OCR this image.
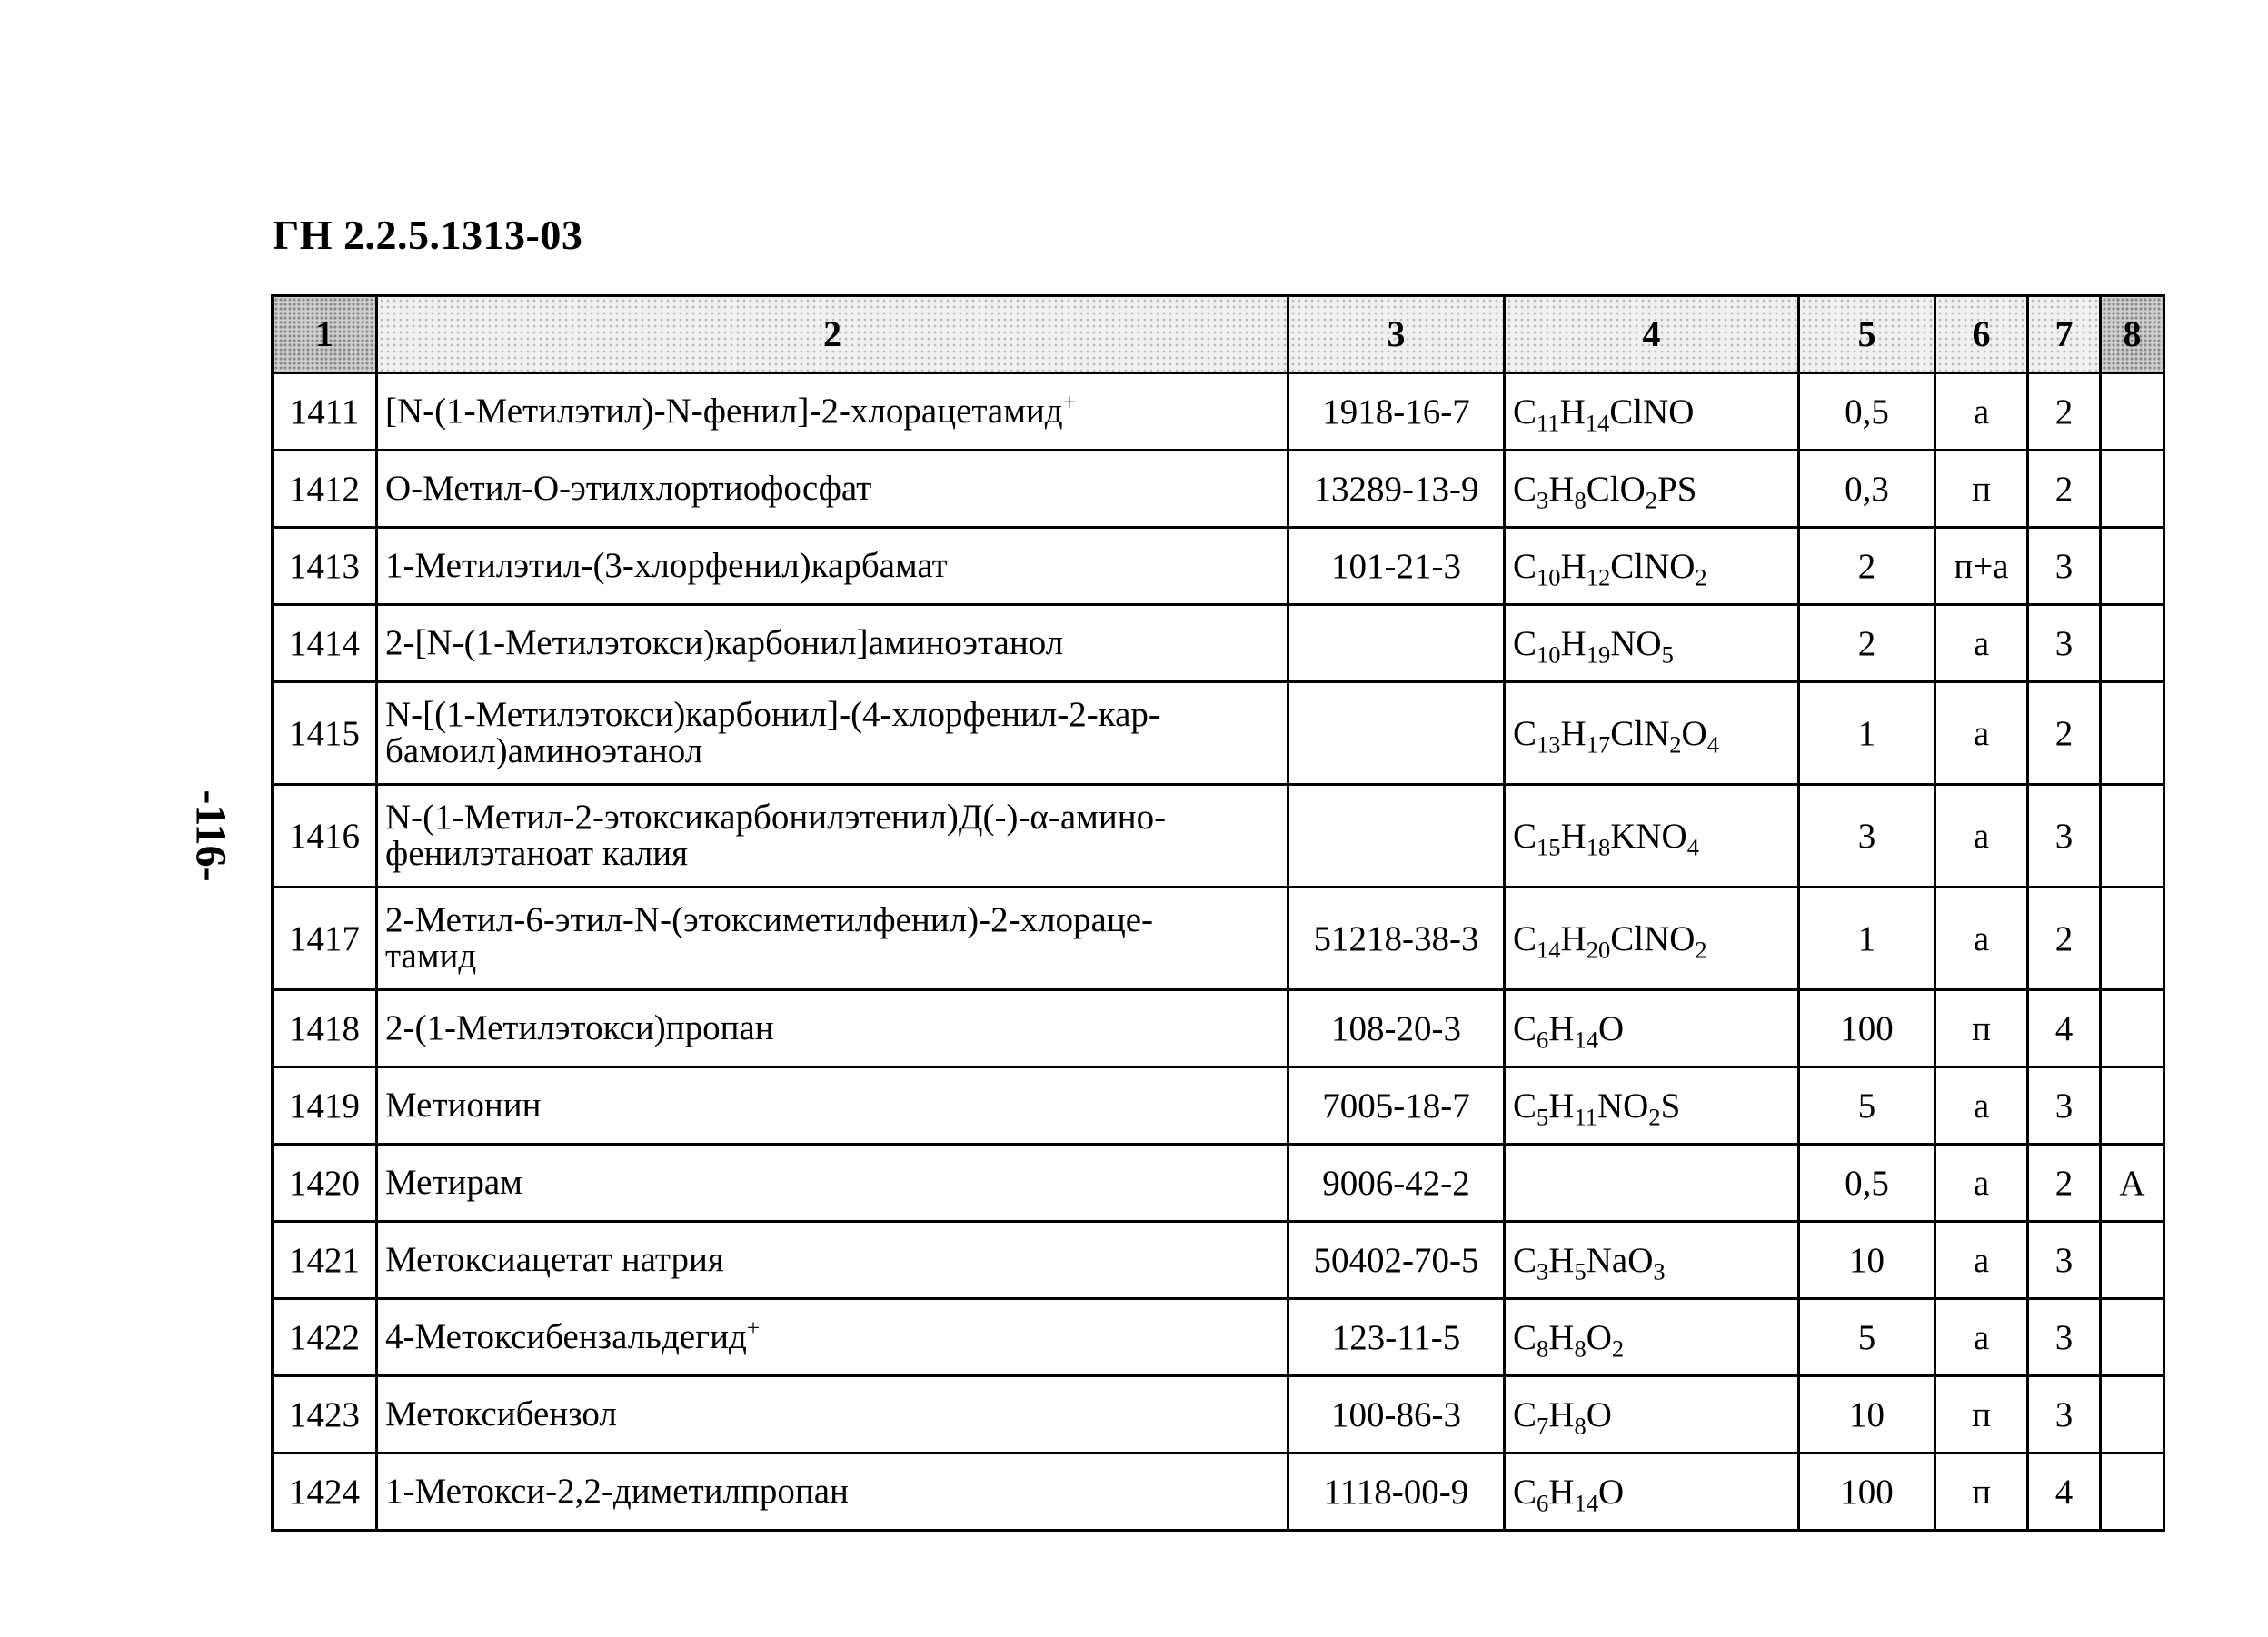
ГН 2.2.5.1313-03
-116-
1	2	3	4	5	6	7	8
1411	[N-(1-Метилэтил)-N-фенил]-2-хлорацетамид+	1918-16-7	$C_{11}H_{14}ClNO$	0,5	а	2	
1412	О-Метил-О-этилхлортиофосфат	13289-13-9	$C_3H_8ClO_2PS$	0,3	п	2	
1413	1-Метилэтил-(3-хлорфенил)карбамат	101-21-3	$C_{10}H_{12}ClNO_2$	2	п+а	3	
1414	2-[N-(1-Метилэтокси)карбонил]аминоэтанол		$C_{10}H_{19}NO_5$	2	а	3	
1415	N-[(1-Метилэтокси)карбонил]-(4-хлорфенил-2-кар-
бамоил)аминоэтанол		$C_{13}H_{17}ClN_2O_4$	1	а	2	
1416	N-(1-Метил-2-этоксикарбонилэтенил)Д(-)-α-амино-
фенилэтаноат калия		$C_{15}H_{18}KNO_4$	3	а	3	
1417	2-Метил-6-этил-N-(этоксиметилфенил)-2-хлораце-
тамид	51218-38-3	$C_{14}H_{20}ClNO_2$	1	а	2	
1418	2-(1-Метилэтокси)пропан	108-20-3	$C_6H_{14}O$	100	п	4	
1419	Метионин	7005-18-7	$C_5H_{11}NO_2S$	5	а	3	
1420	Метирам	9006-42-2		0,5	а	2	А
1421	Метоксиацетат натрия	50402-70-5	$C_3H_5NaO_3$	10	а	3	
1422	4-Метоксибензальдегид+	123-11-5	$C_8H_8O_2$	5	а	3	
1423	Метоксибензол	100-86-3	$C_7H_8O$	10	п	3	
1424	1-Метокси-2,2-диметилпропан	1118-00-9	$C_6H_{14}O$	100	п	4	
